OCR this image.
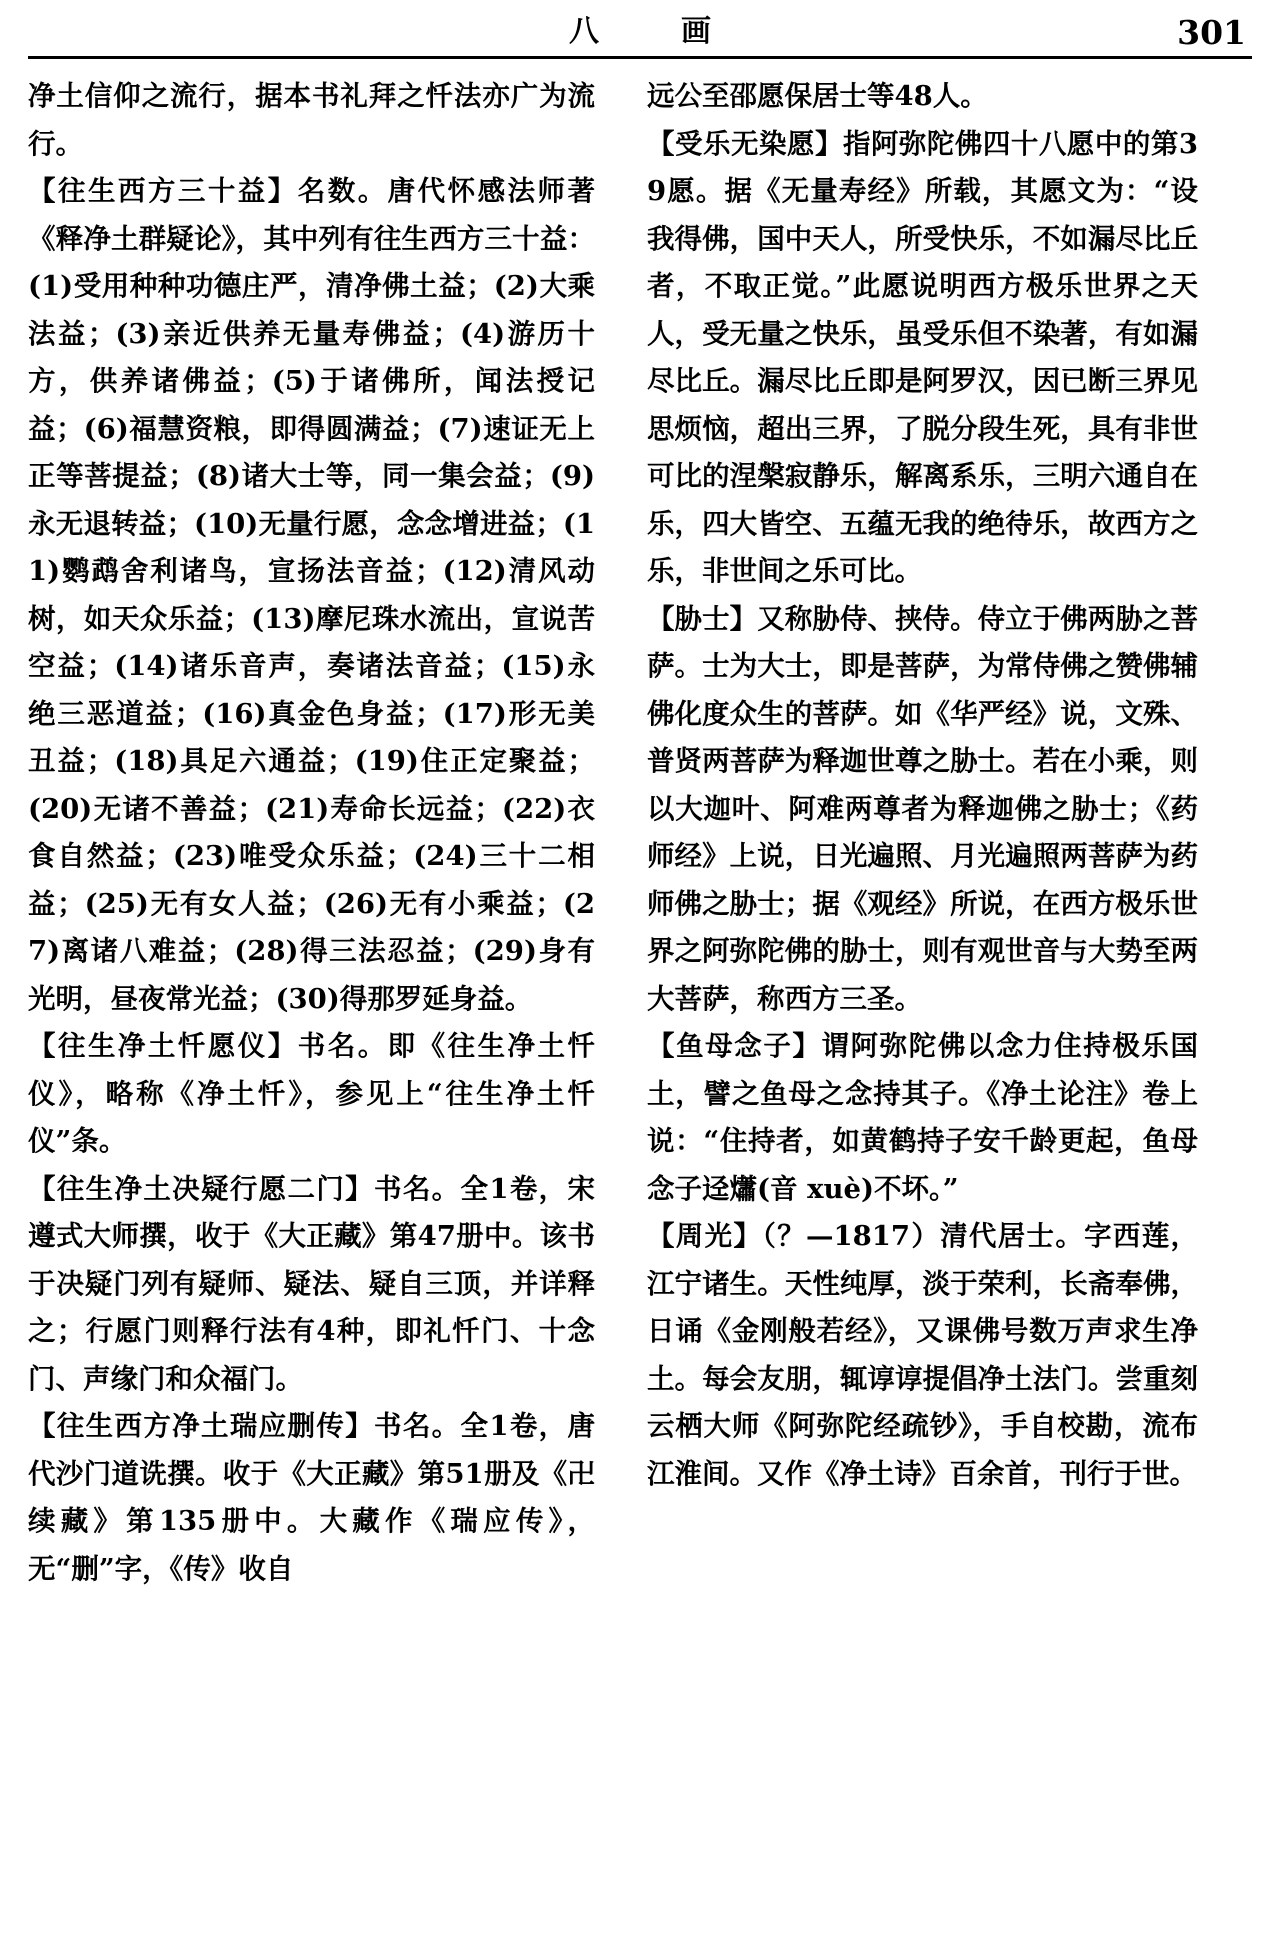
八　画	301

净土信仰之流行，据本书礼拜之忏法亦广为流行。

【往生西方三十益】名数。唐代怀感法师著《释净土群疑论》，其中列有往生西方三十益：(1)受用种种功德庄严，清净佛土益；(2)大乘法益；(3)亲近供养无量寿佛益；(4)游历十方，供养诸佛益；(5)于诸佛所，闻法授记益；(6)福慧资粮，即得圆满益；(7)速证无上正等菩提益；(8)诸大士等，同一集会益；(9)永无退转益；(10)无量行愿，念念增进益；(11)鹦鹉舍利诸鸟，宣扬法音益；(12)清风动树，如天众乐益；(13)摩尼珠水流出，宣说苦空益；(14)诸乐音声，奏诸法音益；(15)永绝三恶道益；(16)真金色身益；(17)形无美丑益；(18)具足六通益；(19)住正定聚益；(20)无诸不善益；(21)寿命长远益；(22)衣食自然益；(23)唯受众乐益；(24)三十二相益；(25)无有女人益；(26)无有小乘益；(27)离诸八难益；(28)得三法忍益；(29)身有光明，昼夜常光益；(30)得那罗延身益。

【往生净土忏愿仪】书名。即《往生净土忏仪》，略称《净土忏》，参见上“往生净土忏仪”条。

【往生净土决疑行愿二门】书名。全1卷，宋遵式大师撰，收于《大正藏》第47册中。该书于决疑门列有疑师、疑法、疑自三顶，并详释之；行愿门则释行法有4种，即礼忏门、十念门、声缘门和众福门。

【往生西方净土瑞应删传】书名。全1卷，唐代沙门道诜撰。收于《大正藏》第51册及《卍续藏》第135册中。大藏作《瑞应传》，无“删”字，《传》收自

远公至邵愿保居士等48人。

【受乐无染愿】指阿弥陀佛四十八愿中的第39愿。据《无量寿经》所载，其愿文为：“设我得佛，国中天人，所受快乐，不如漏尽比丘者，不取正觉。”此愿说明西方极乐世界之天人，受无量之快乐，虽受乐但不染著，有如漏尽比丘。漏尽比丘即是阿罗汉，因已断三界见思烦恼，超出三界，了脱分段生死，具有非世可比的涅槃寂静乐，解离系乐，三明六通自在乐，四大皆空、五蕴无我的绝待乐，故西方之乐，非世间之乐可比。

【胁士】又称胁侍、挟侍。侍立于佛两胁之菩萨。士为大士，即是菩萨，为常侍佛之赞佛辅佛化度众生的菩萨。如《华严经》说，文殊、普贤两菩萨为释迦世尊之胁士。若在小乘，则以大迦叶、阿难两尊者为释迦佛之胁士；《药师经》上说，日光遍照、月光遍照两菩萨为药师佛之胁士；据《观经》所说，在西方极乐世界之阿弥陀佛的胁士，则有观世音与大势至两大菩萨，称西方三圣。

【鱼母念子】谓阿弥陀佛以念力住持极乐国土，譬之鱼母之念持其子。《净土论注》卷上说：“住持者，如黄鹤持子安千龄更起，鱼母念子迳𤑳(音 xuè)不坏。”

【周光】（？—1817）清代居士。字西莲，江宁诸生。天性纯厚，淡于荣利，长斋奉佛，日诵《金刚般若经》，又课佛号数万声求生净土。每会友朋，辄谆谆提倡净土法门。尝重刻云栖大师《阿弥陀经疏钞》，手自校勘，流布江淮间。又作《净土诗》百余首，刊行于世。
